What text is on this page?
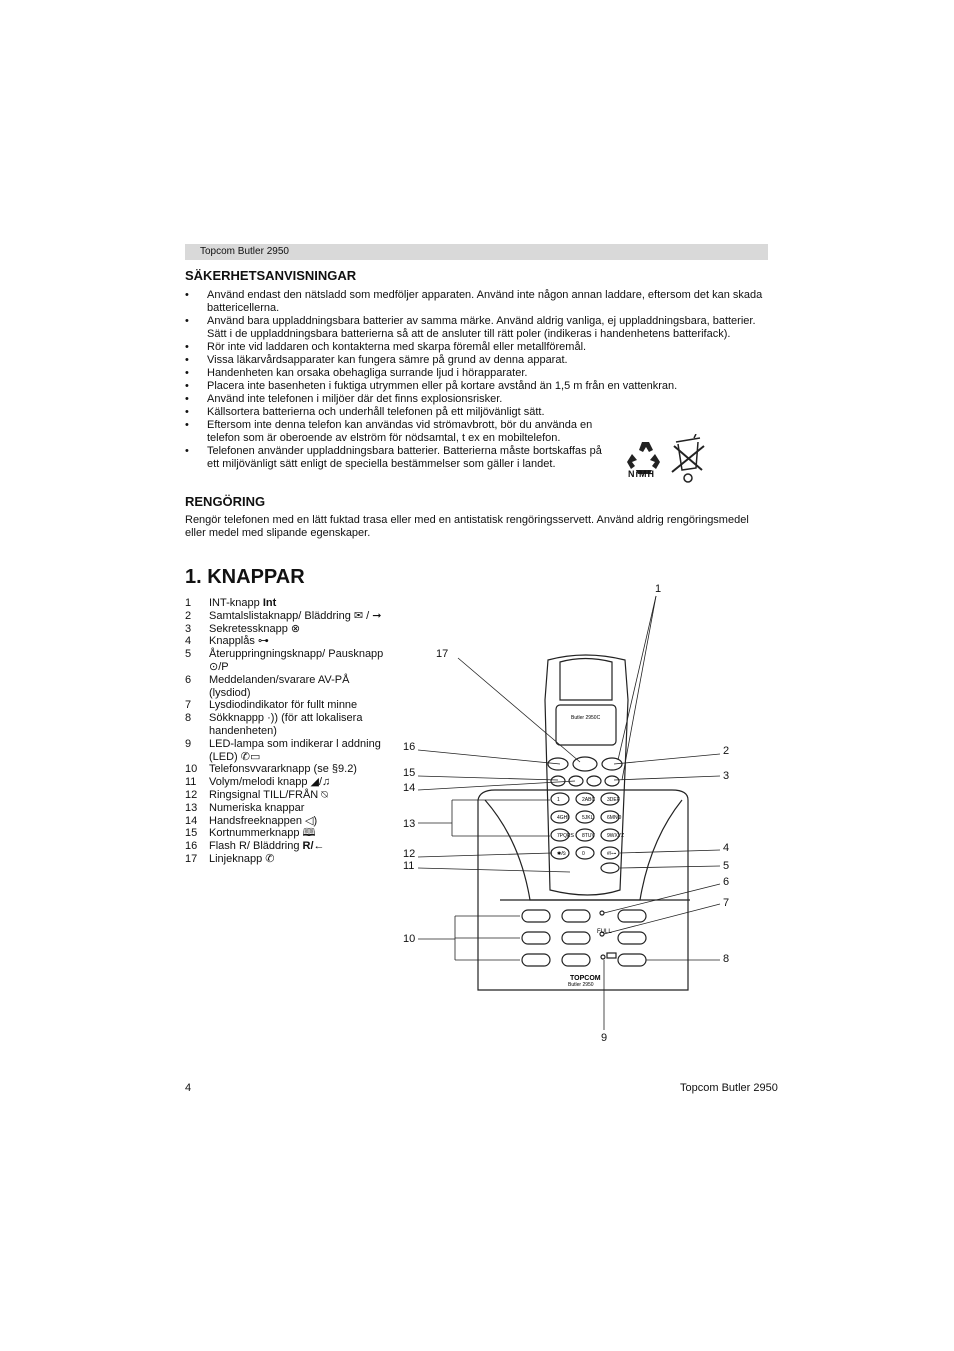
Topcom Butler 2950
SÄKERHETSANVISNINGAR
•	Använd endast den nätsladd som medföljer apparaten. Använd inte någon annan laddare, eftersom det kan skada battericellerna.
•	Använd bara uppladdningsbara batterier av samma märke. Använd aldrig vanliga, ej uppladdningsbara, batterier. Sätt i de uppladdningsbara batterierna så att de ansluter till rätt poler (indikeras i handenhetens batterifack).
•	Rör inte vid laddaren och kontakterna med skarpa föremål eller metallföremål.
•	Vissa läkarvårdsapparater kan fungera sämre på grund av denna apparat.
•	Handenheten kan orsaka obehagliga surrande ljud i hörapparater.
•	Placera inte basenheten i fuktiga utrymmen eller på kortare avstånd än 1,5 m från en vattenkran.
•	Använd inte telefonen i miljöer där det finns explosionsrisker.
•	Källsortera batterierna och underhåll telefonen på ett miljövänligt sätt.
•	Eftersom inte denna telefon kan användas vid strömavbrott, bör du använda en telefon som är oberoende av elström för nödsamtal, t ex en mobiltelefon.
•	Telefonen använder uppladdningsbara batterier. Batterierna måste bortskaffas på ett miljövänligt sätt enligt de speciella bestämmelser som gäller i landet.
NiMH
RENGÖRING
Rengör telefonen med en lätt fuktad trasa eller med en antistatisk rengöringsservett. Använd aldrig rengöringsmedel eller medel med slipande egenskaper.
1. KNAPPAR
1	INT-knapp Int
2	Samtalslistaknapp/ Bläddring ✉ / ➞
3	Sekretessknapp ⊗
4	Knapplås ⊶
5	Återuppringningsknapp/ Pausknapp ⊙/P
6	Meddelanden/svarare AV-PÅ (lysdiod)
7	Lysdiodindikator för fullt minne
8	Sökknappp ·)) (för att lokalisera handenheten)
9	LED-lampa som indikerar l addning (LED) ✆▭
10	Telefonsvvararknapp (se §9.2)
11	Volym/melodi knapp ◢/♫
12	Ringsignal TILL/FRÅN ⍉
13	Numeriska knappar
14	Handsfreeknappen ◁)
15	Kortnummerknapp 🕮
16	Flash R/ Bläddring R/←
17	Linjeknapp ✆
Butler 2950C
FULL
TOPCOM
Butler 2950
1
2
3
4
5
6
7
8
9
10
11
12
13
14
15
16
17
1	2ABC 3DEF
4GHI	5JKL	6MNO
7PQRS 8TUV 9WXYZ
✱/⍉	0	#/⊶
4	Topcom Butler 2950
